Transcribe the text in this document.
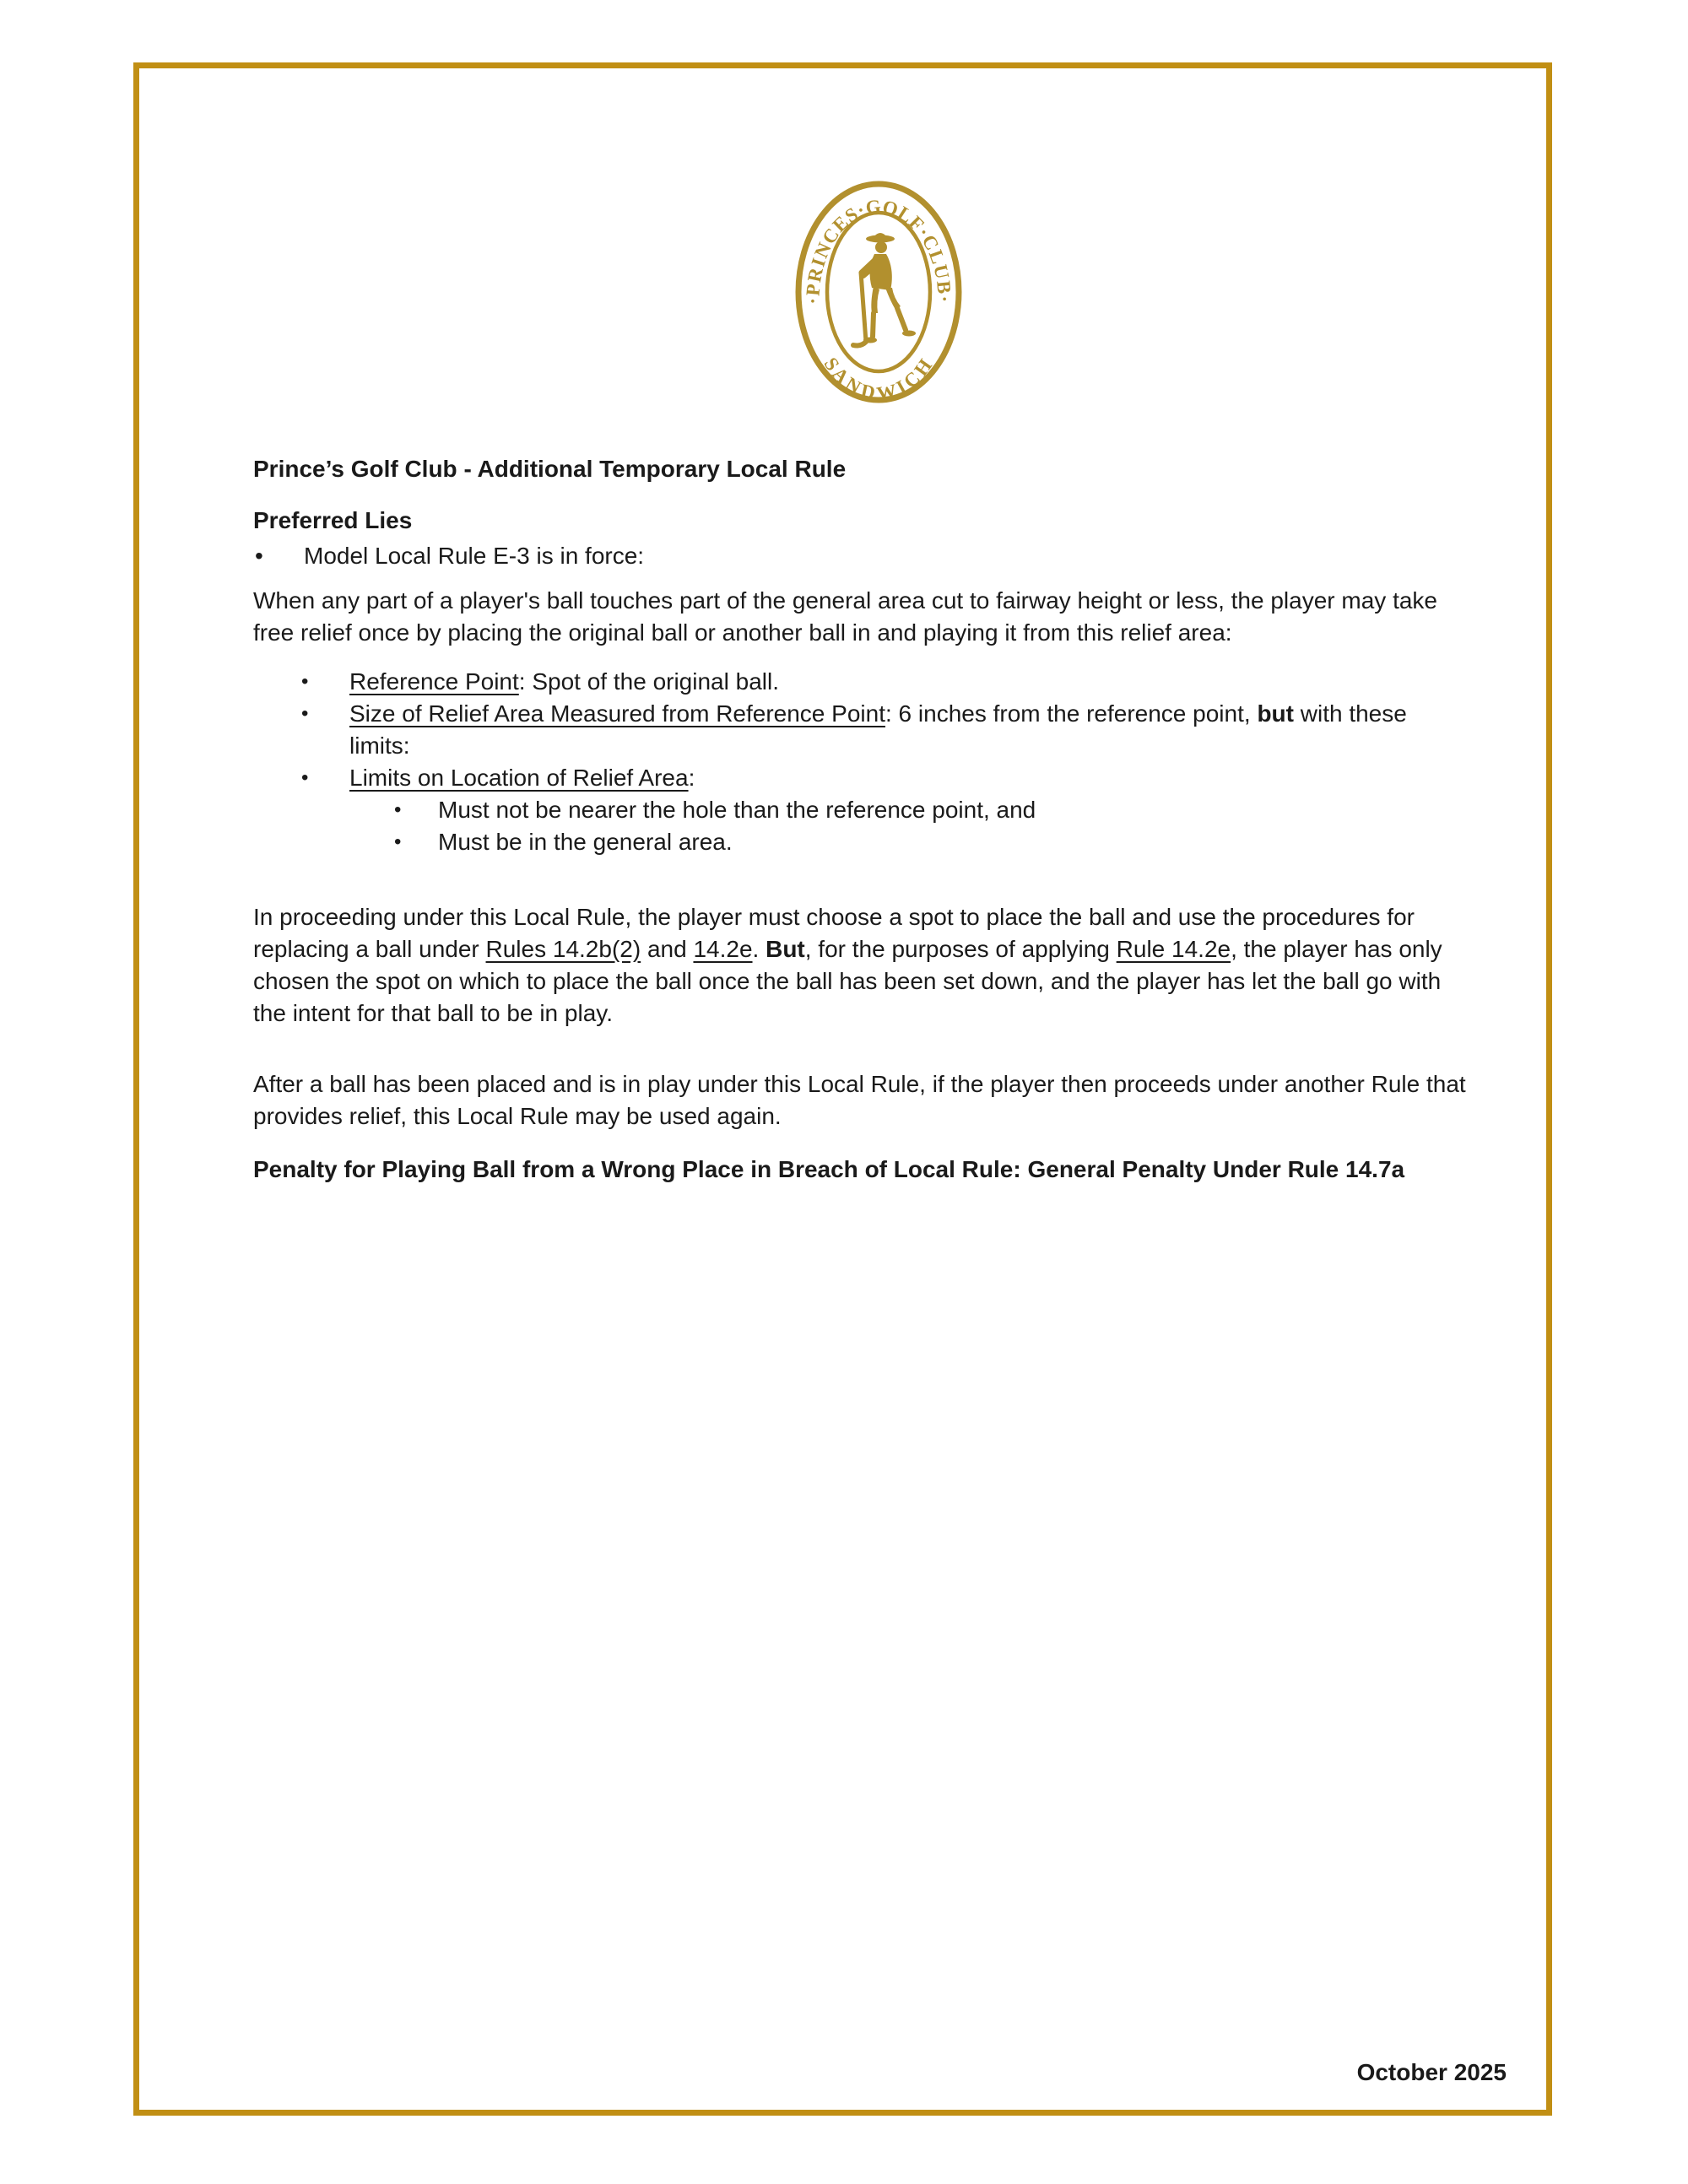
·PRINCES·GOLF·CLUB·
SANDWICH
Prince’s Golf Club - Additional Temporary Local Rule
Preferred Lies
•	Model Local Rule E-3 is in force:
When any part of a player's ball touches part of the general area cut to fairway height or less, the player may take free relief once by placing the original ball or another ball in and playing it from this relief area:
•	Reference Point: Spot of the original ball.
•	Size of Relief Area Measured from Reference Point: 6 inches from the reference point, but with these limits:
•	Limits on Location of Relief Area:
•	Must not be nearer the hole than the reference point, and
•	Must be in the general area.
In proceeding under this Local Rule, the player must choose a spot to place the ball and use the procedures for replacing a ball under Rules 14.2b(2) and 14.2e. But, for the purposes of applying Rule 14.2e, the player has only chosen the spot on which to place the ball once the ball has been set down, and the player has let the ball go with the intent for that ball to be in play.
After a ball has been placed and is in play under this Local Rule, if the player then proceeds under another Rule that provides relief, this Local Rule may be used again.
Penalty for Playing Ball from a Wrong Place in Breach of Local Rule: General Penalty Under Rule 14.7a
October 2025
